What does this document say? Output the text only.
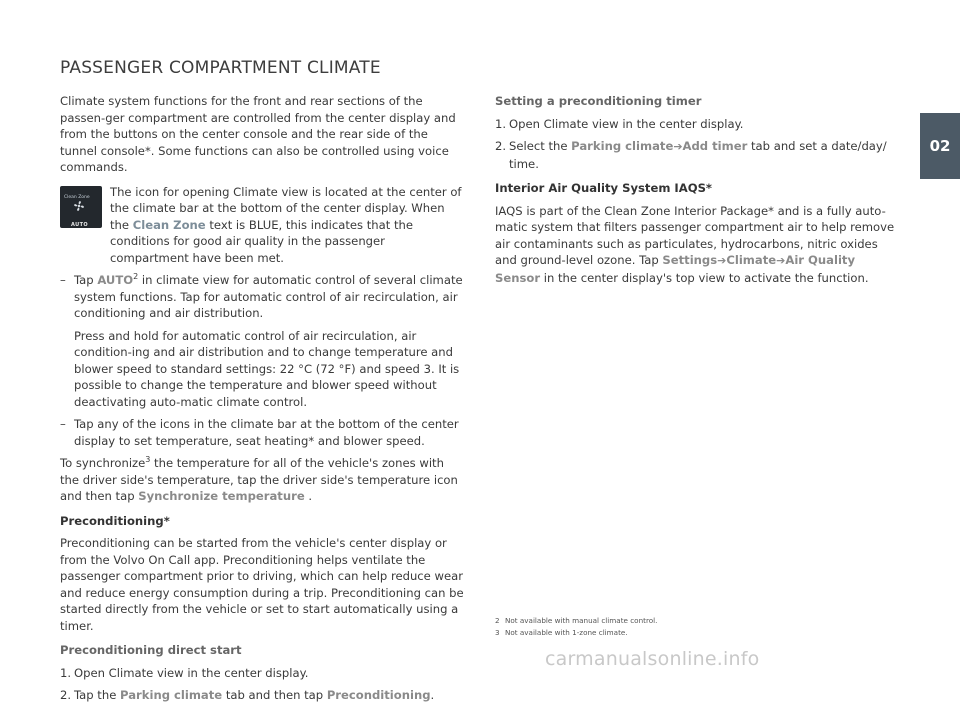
PASSENGER COMPARTMENT CLIMATE
02

Climate system functions for the front and rear sections of the passen-ger compartment are controlled from the center display and from the buttons on the center console and the rear side of the tunnel console*. Some functions can also be controlled using voice commands.

Clean Zone
AUTO
The icon for opening Climate view is located at the center of the climate bar at the bottom of the center display. When the Clean Zone text is BLUE, this indicates that the conditions for good air quality in the passenger compartment have been met.
– Tap AUTO$^2$ in climate view for automatic control of several climate system functions. Tap for automatic control of air recirculation, air conditioning and air distribution.
Press and hold for automatic control of air recirculation, air condition-ing and air distribution and to change temperature and blower speed to standard settings: 22 °C (72 °F) and speed 3. It is possible to change the temperature and blower speed without deactivating auto-matic climate control.
– Tap any of the icons in the climate bar at the bottom of the center display to set temperature, seat heating* and blower speed.

To synchronize$^3$ the temperature for all of the vehicle's zones with the driver side's temperature, tap the driver side's temperature icon and then tap Synchronize temperature .

Preconditioning*

Preconditioning can be started from the vehicle's center display or from the Volvo On Call app. Preconditioning helps ventilate the passenger compartment prior to driving, which can help reduce wear and reduce energy consumption during a trip. Preconditioning can be started directly from the vehicle or set to start automatically using a timer.

Preconditioning direct start
1. Open Climate view in the center display.
2. Tap the Parking climate tab and then tap Preconditioning.
Setting a preconditioning timer
1. Open Climate view in the center display.
2. Select the Parking climate➔Add timer tab and set a date/day/ time.
Interior Air Quality System IAQS*

IAQS is part of the Clean Zone Interior Package* and is a fully auto-matic system that filters passenger compartment air to help remove air contaminants such as particulates, hydrocarbons, nitric oxides and ground-level ozone. Tap Settings➔Climate➔Air Quality Sensor in the center display's top view to activate the function.

2 Not available with manual climate control.
3 Not available with 1-zone climate.
carmanualsonline.info
